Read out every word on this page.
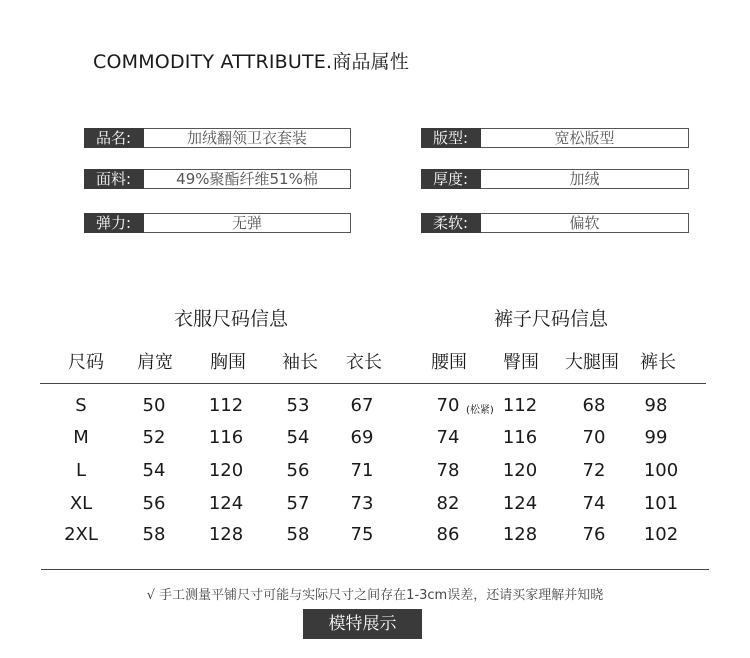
COMMODITY ATTRIBUTE.商品属性
品名:	加绒翻领卫衣套装
面料:	49%聚酯纤维51%棉
弹力:	无弹
版型:	宽松版型
厚度:	加绒
柔软:	偏软
衣服尺码信息	裤子尺码信息
尺码 肩宽 胸围 袖长 衣长	腰围 臀围 大腿围 裤长
S	50 112 53 67	70 112	68 98
(松紧)
M	52 116 54 69	74 116	70 99
L	54 120 56 71	78 120	72 100
XL	56 124 57 73	82 124	74 101
2XL 58 128 58 75	86 128	76 102
√ 手工测量平铺尺寸可能与实际尺寸之间存在1-3cm误差，还请买家理解并知晓
模特展示
